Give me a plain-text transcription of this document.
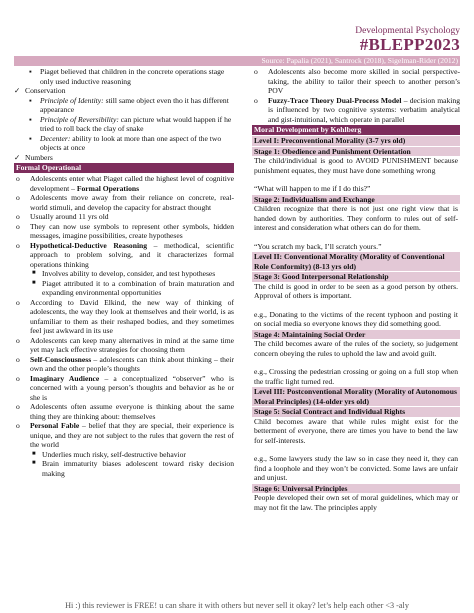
Developmental Psychology
#BLEPP2023
Source: Papalia (2021), Santrock (2018), Sigelman-Rider (2012)
▪ Piaget believed that children in the concrete operations stage only used inductive reasoning
✓ Conservation
▪ Principle of Identity: still same object even tho it has different appearance
▪ Principle of Reversibility: can picture what would happen if he tried to roll back the clay of snake
▪ Decenter: ability to look at more than one aspect of the two objects at once
✓ Numbers
Formal Operational
o Adolescents enter what Piaget called the highest level of cognitive development – Formal Operations
o Adolescents move away from their reliance on concrete, real-world stimuli, and develop the capacity for abstract thought
o Usually around 11 yrs old
o They can now use symbols to represent other symbols, hidden messages, imagine possibilities, create hypotheses
o Hypothetical-Deductive Reasoning – methodical, scientific approach to problem solving, and it characterizes formal operations thinking
■ Involves ability to develop, consider, and test hypotheses
■ Piaget attributed it to a combination of brain maturation and expanding environmental opportunities
o According to David Elkind, the new way of thinking of adolescents, the way they look at themselves and their world, is as unfamiliar to them as their reshaped bodies, and they sometimes feel just awkward in its use
o Adolescents can keep many alternatives in mind at the same time yet may lack effective strategies for choosing them
o Self-Consciousness – adolescents can think about thinking – their own and the other people’s thoughts
o Imaginary Audience – a conceptualized “observer” who is concerned with a young person’s thoughts and behavior as he or she is
o Adolescents often assume everyone is thinking about the same thing they are thinking about: themselves
o Personal Fable – belief that they are special, their experience is unique, and they are not subject to the rules that govern the rest of the world
■ Underlies much risky, self-destructive behavior
■ Brain immaturity biases adolescent toward risky decision making
o Adolescents also become more skilled in social perspective-taking, the ability to tailor their speech to another person’s POV
o Fuzzy-Trace Theory Dual-Process Model – decision making is influenced by two cognitive systems: verbatim analytical and gist-intuitional, which operate in parallel
Moral Development by Kohlberg
Level I: Preconventional Morality (3-7 yrs old)
Stage 1: Obedience and Punishment Orientation
The child/individual is good to AVOID PUNISHMENT because punishment equates, they must have done something wrong
“What will happen to me if I do this?”
Stage 2: Individualism and Exchange
Children recognize that there is not just one right view that is handed down by authorities. They conform to rules out of self-interest and consideration what others can do for them.
“You scratch my back, I’ll scratch yours.”
Level II: Conventional Morality (Morality of Conventional Role Conformity) (8-13 yrs old)
Stage 3: Good Interpersonal Relationship
The child is good in order to be seen as a good person by others. Approval of others is important.
e.g., Donating to the victims of the recent typhoon and posting it on social media so everyone knows they did something good.
Stage 4: Maintaining Social Order
The child becomes aware of the rules of the society, so judgement concern obeying the rules to uphold the law and avoid guilt.
e.g., Crossing the pedestrian crossing or going on a full stop when the traffic light turned red.
Level III: Postconventional Morality (Morality of Autonomous Moral Principles) (14-older yrs old)
Stage 5: Social Contract and Individual Rights
Child becomes aware that while rules might exist for the betterment of everyone, there are times you have to bend the law for self-interests.
e.g., Some lawyers study the law so in case they need it, they can find a loophole and they won’t be convicted. Some laws are unfair and unjust.
Stage 6: Universal Principles
People developed their own set of moral guidelines, which may or may not fit the law. The principles apply
Hi :) this reviewer is FREE! u can share it with others but never sell it okay? let’s help each other <3 -aly
